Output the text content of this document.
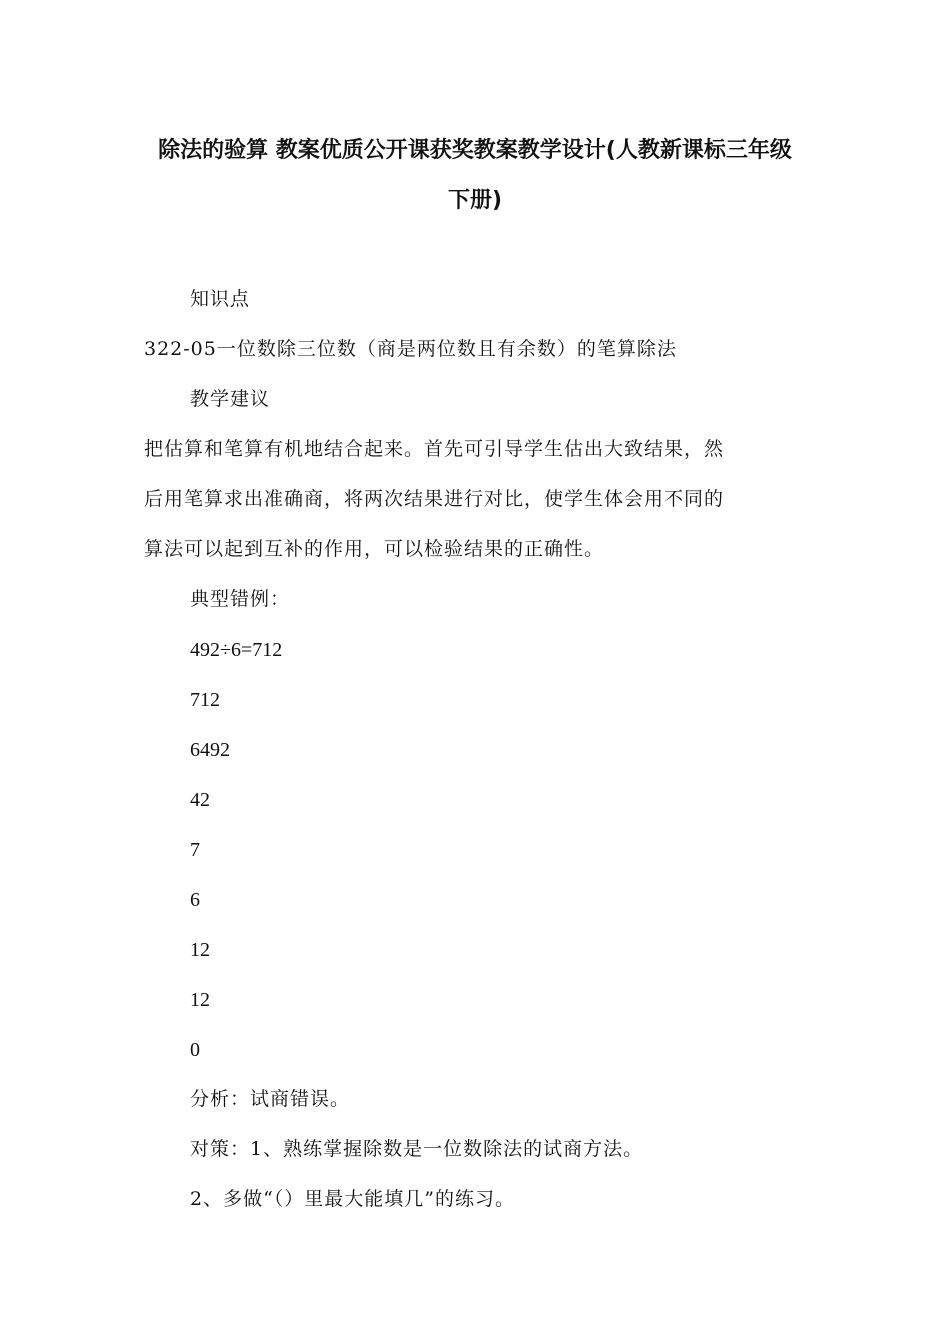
除法的验算 教案优质公开课获奖教案教学设计(人教新课标三年级
下册)
知识点
322-05一位数除三位数（商是两位数且有余数）的笔算除法
教学建议
把估算和笔算有机地结合起来。首先可引导学生估出大致结果，然
后用笔算求出准确商，将两次结果进行对比，使学生体会用不同的
算法可以起到互补的作用，可以检验结果的正确性。
典型错例：
492÷6=712
712
6492
42
7
6
12
12
0
分析：试商错误。
对策：1、熟练掌握除数是一位数除法的试商方法。
2、多做“（）里最大能填几”的练习。
